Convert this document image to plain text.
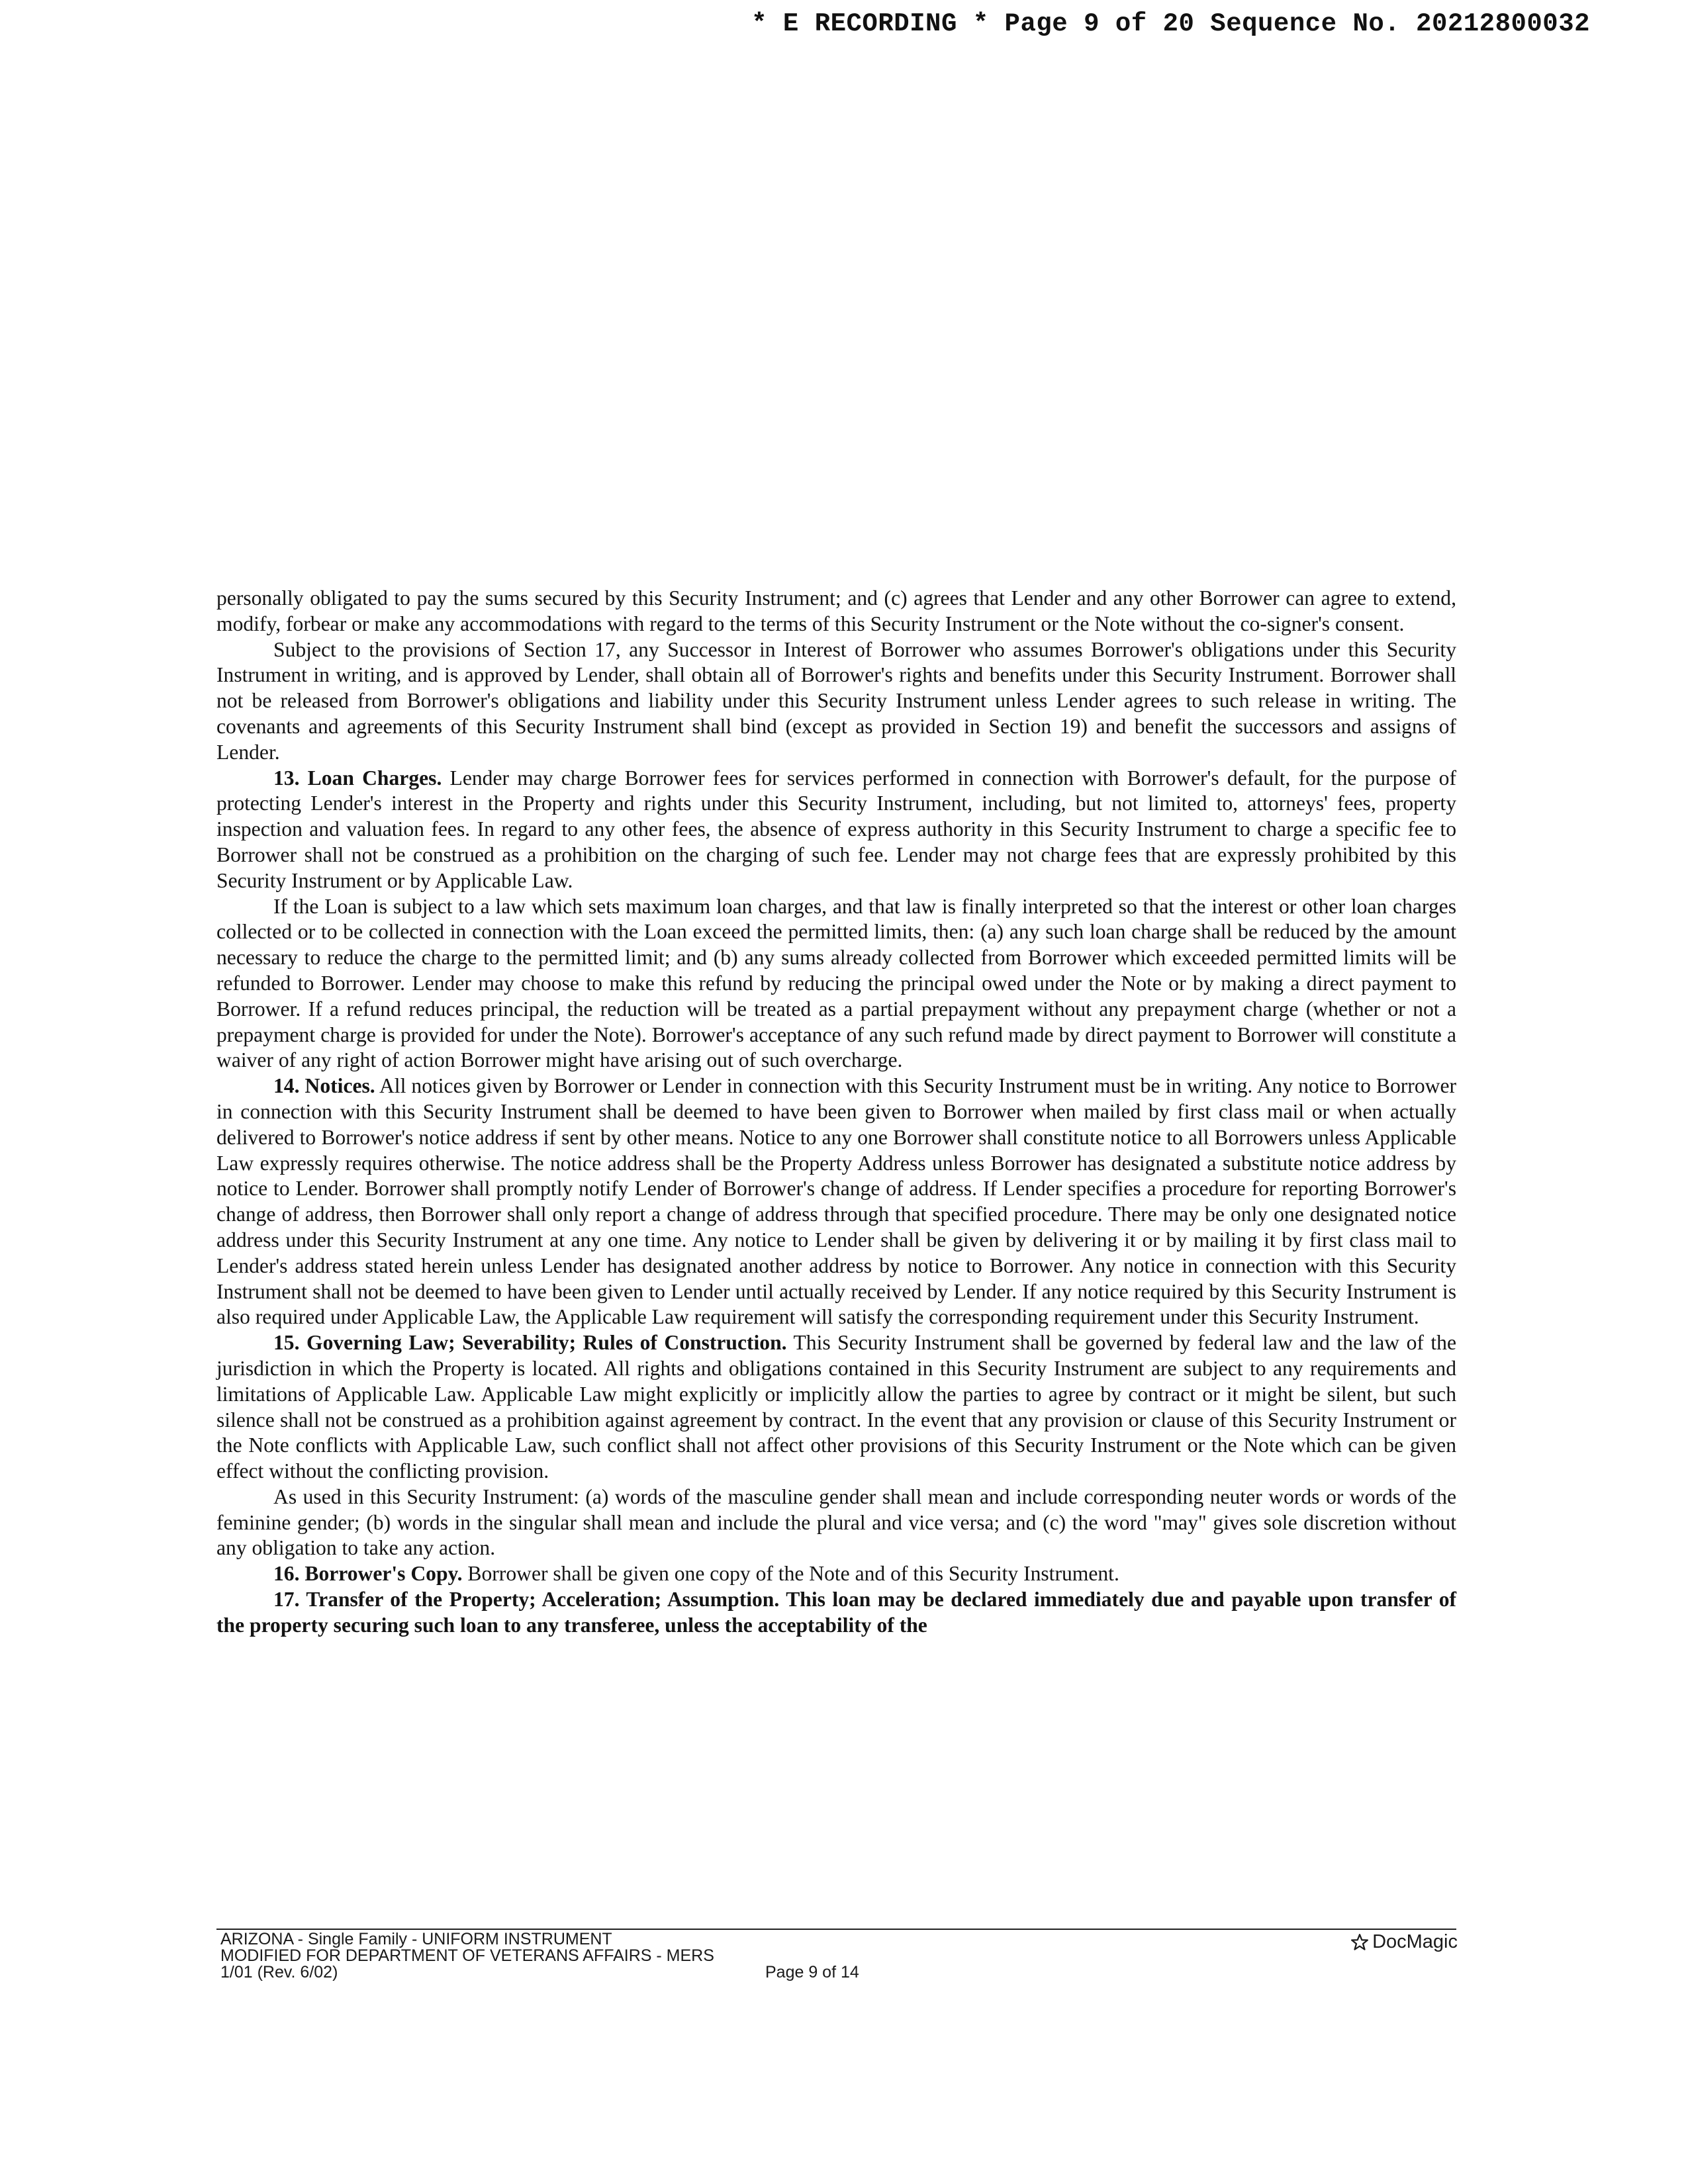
* E RECORDING * Page 9 of 20 Sequence No. 20212800032

personally obligated to pay the sums secured by this Security Instrument; and (c) agrees that Lender and any other Borrower can agree to extend, modify, forbear or make any accommodations with regard to the terms of this Security Instrument or the Note without the co-signer's consent.

Subject to the provisions of Section 17, any Successor in Interest of Borrower who assumes Borrower's obligations under this Security Instrument in writing, and is approved by Lender, shall obtain all of Borrower's rights and benefits under this Security Instrument. Borrower shall not be released from Borrower's obligations and liability under this Security Instrument unless Lender agrees to such release in writing. The covenants and agreements of this Security Instrument shall bind (except as provided in Section 19) and benefit the successors and assigns of Lender.

13. Loan Charges. Lender may charge Borrower fees for services performed in connection with Borrower's default, for the purpose of protecting Lender's interest in the Property and rights under this Security Instrument, including, but not limited to, attorneys' fees, property inspection and valuation fees. In regard to any other fees, the absence of express authority in this Security Instrument to charge a specific fee to Borrower shall not be construed as a prohibition on the charging of such fee. Lender may not charge fees that are expressly prohibited by this Security Instrument or by Applicable Law.

If the Loan is subject to a law which sets maximum loan charges, and that law is finally interpreted so that the interest or other loan charges collected or to be collected in connection with the Loan exceed the permitted limits, then: (a) any such loan charge shall be reduced by the amount necessary to reduce the charge to the permitted limit; and (b) any sums already collected from Borrower which exceeded permitted limits will be refunded to Borrower. Lender may choose to make this refund by reducing the principal owed under the Note or by making a direct payment to Borrower. If a refund reduces principal, the reduction will be treated as a partial prepayment without any prepayment charge (whether or not a prepayment charge is provided for under the Note). Borrower's acceptance of any such refund made by direct payment to Borrower will constitute a waiver of any right of action Borrower might have arising out of such overcharge.

14. Notices. All notices given by Borrower or Lender in connection with this Security Instrument must be in writing. Any notice to Borrower in connection with this Security Instrument shall be deemed to have been given to Borrower when mailed by first class mail or when actually delivered to Borrower's notice address if sent by other means. Notice to any one Borrower shall constitute notice to all Borrowers unless Applicable Law expressly requires otherwise. The notice address shall be the Property Address unless Borrower has designated a substitute notice address by notice to Lender. Borrower shall promptly notify Lender of Borrower's change of address. If Lender specifies a procedure for reporting Borrower's change of address, then Borrower shall only report a change of address through that specified procedure. There may be only one designated notice address under this Security Instrument at any one time. Any notice to Lender shall be given by delivering it or by mailing it by first class mail to Lender's address stated herein unless Lender has designated another address by notice to Borrower. Any notice in connection with this Security Instrument shall not be deemed to have been given to Lender until actually received by Lender. If any notice required by this Security Instrument is also required under Applicable Law, the Applicable Law requirement will satisfy the corresponding requirement under this Security Instrument.

15. Governing Law; Severability; Rules of Construction. This Security Instrument shall be governed by federal law and the law of the jurisdiction in which the Property is located. All rights and obligations contained in this Security Instrument are subject to any requirements and limitations of Applicable Law. Applicable Law might explicitly or implicitly allow the parties to agree by contract or it might be silent, but such silence shall not be construed as a prohibition against agreement by contract. In the event that any provision or clause of this Security Instrument or the Note conflicts with Applicable Law, such conflict shall not affect other provisions of this Security Instrument or the Note which can be given effect without the conflicting provision.

As used in this Security Instrument: (a) words of the masculine gender shall mean and include corresponding neuter words or words of the feminine gender; (b) words in the singular shall mean and include the plural and vice versa; and (c) the word "may" gives sole discretion without any obligation to take any action.

16. Borrower's Copy. Borrower shall be given one copy of the Note and of this Security Instrument.

17. Transfer of the Property; Acceleration; Assumption. This loan may be declared immediately due and payable upon transfer of the property securing such loan to any transferee, unless the acceptability of the

ARIZONA - Single Family - UNIFORM INSTRUMENT
MODIFIED FOR DEPARTMENT OF VETERANS AFFAIRS - MERS
1/01 (Rev. 6/02)	Page 9 of 14
DocMagic
